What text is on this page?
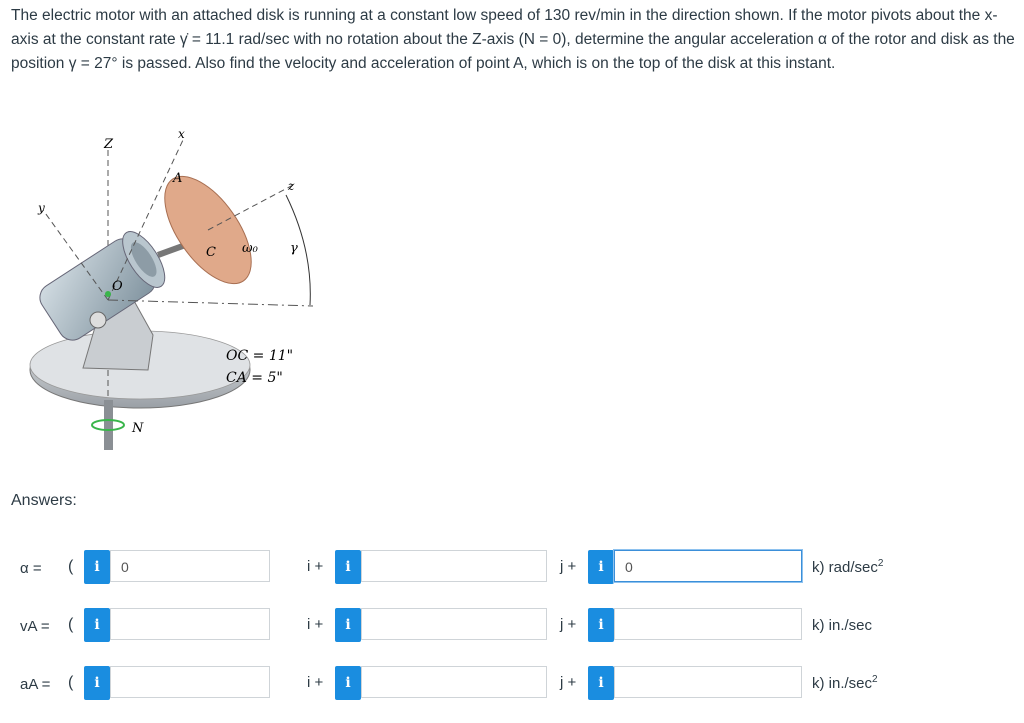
The electric motor with an attached disk is running at a constant low speed of 130 rev/min in the direction shown. If the motor pivots about the x-axis at the constant rate γ̇ = 11.1 rad/sec with no rotation about the Z-axis (N = 0), determine the angular acceleration α of the rotor and disk as the position γ = 27° is passed. Also find the velocity and acceleration of point A, which is on the top of the disk at this instant.
Z
x
y
z
A
C
O
ω₀ γ
N
OC = 11"
CA = 5"
Answers:
α = (	i	0	i +	i	j +	i	0	k) rad/$\sec^2$
vA = (	i	i +	i	j +	i	k) in./sec
aA = (	i	i +	i	j +	i	k) $in./\sec^2$
